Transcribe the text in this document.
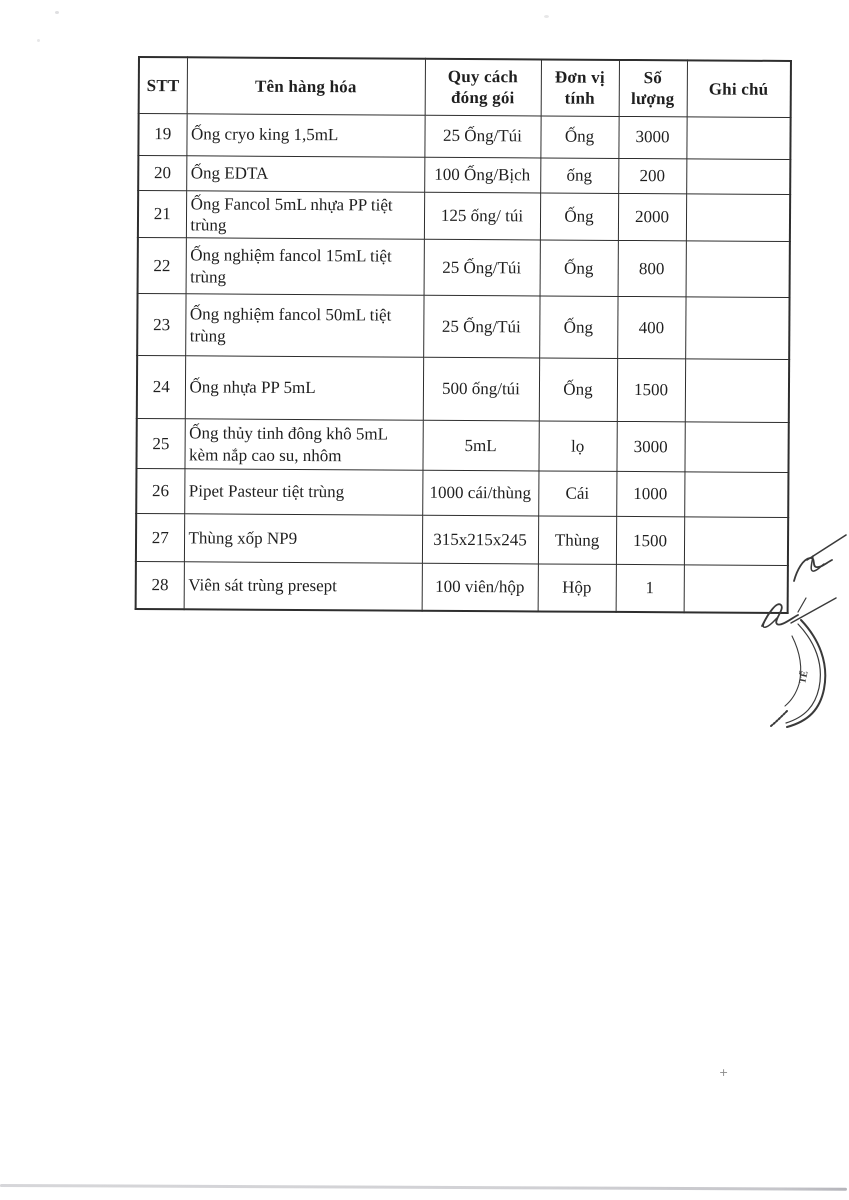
STT	Tên hàng hóa	Quy cách đóng gói	Đơn vị tính	Số lượng	Ghi chú
19	Ống cryo king 1,5mL	25 Ống/Túi	Ống	3000	
20	Ống EDTA	100 Ống/Bịch	ống	200	
21	Ống Fancol 5mL nhựa PP tiệt trùng	125 ống/ túi	Ống	2000	
22	Ống nghiệm fancol 15mL tiệt trùng	25 Ống/Túi	Ống	800	
23	Ống nghiệm fancol 50mL tiệt trùng	25 Ống/Túi	Ống	400	
24	Ống nhựa PP 5mL	500 ống/túi	Ống	1500	
25	Ống thủy tinh đông khô 5mL kèm nắp cao su, nhôm	5mL	lọ	3000	
26	Pipet Pasteur tiệt trùng	1000 cái/thùng	Cái	1000	
27	Thùng xốp NP9	315x215x245	Thùng	1500	
28	Viên sát trùng presept	100 viên/hộp	Hộp	1	
TẾ
+
